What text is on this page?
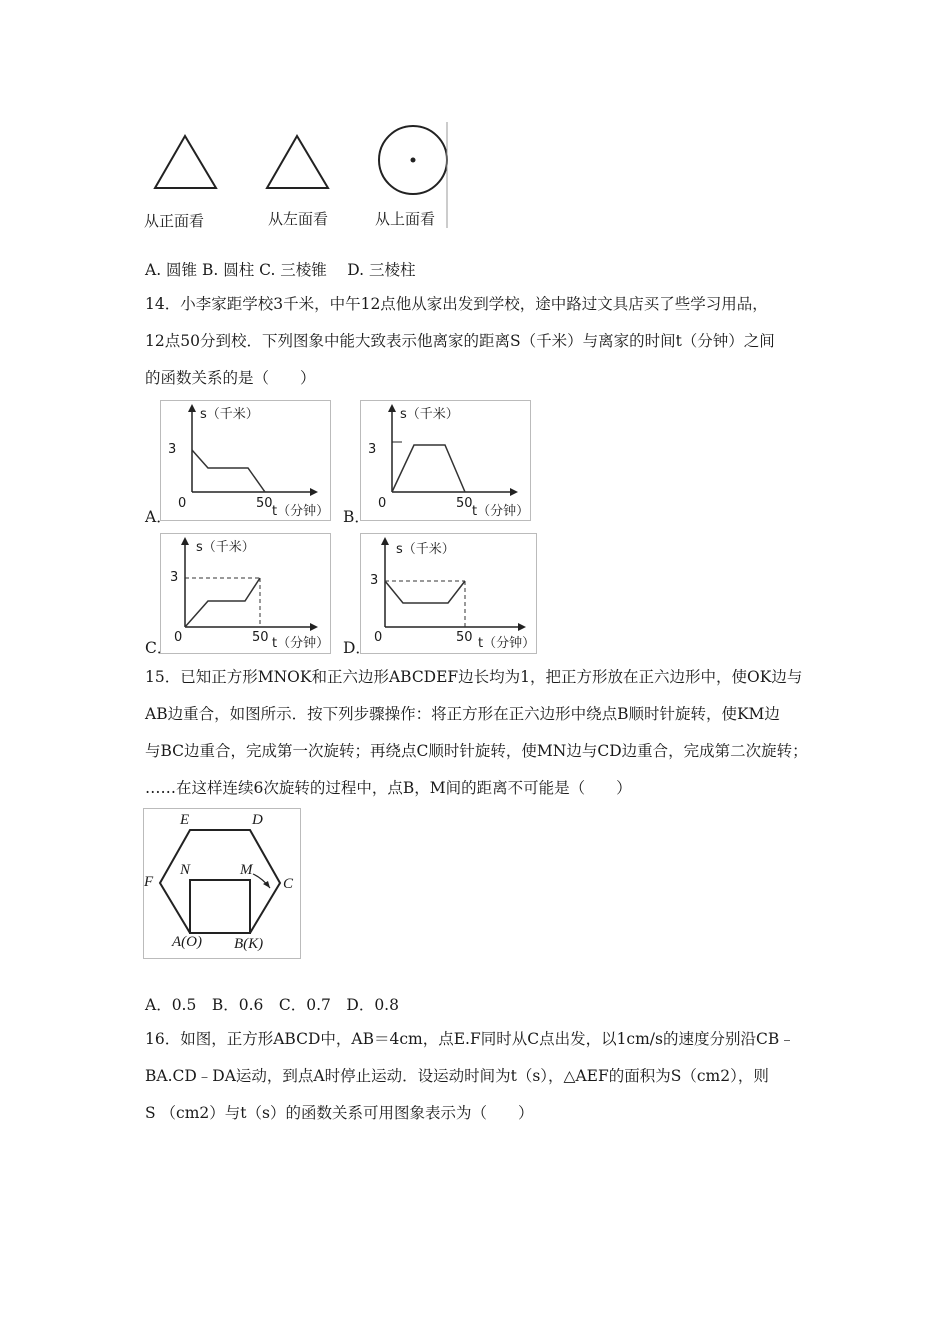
从正面看	从左面看	从上面看
A. 圆锥 B. 圆柱 C. 三棱锥　 D. 三棱柱
14．小李家距学校3千米，中午12点他从家出发到学校，途中路过文具店买了些学习用品，
12点50分到校．下列图象中能大致表示他离家的距离S（千米）与离家的时间t（分钟）之间
的函数关系的是（　　）
A．
s（千米）
3
0	50
t（分钟） B．
s（千米）
3
0	50
t（分钟）
C．
s（千米）
3
0	50 t（分钟） D．
s（千米）
3
0	50 t（分钟）
15．已知正方形MNOK和正六边形ABCDEF边长均为1，把正方形放在正六边形中，使OK边与
AB边重合，如图所示．按下列步骤操作：将正方形在正六边形中绕点B顺时针旋转，使KM边
与BC边重合，完成第一次旋转；再绕点C顺时针旋转，使MN边与CD边重合，完成第二次旋转；
……在这样连续6次旋转的过程中，点B，M间的距离不可能是（　　）
E	D
F	C
N	M
A(O) B(K)
A．0.5　B．0.6　C．0.7　D．0.8
16．如图，正方形ABCD中，AB＝4cm，点E.F同时从C点出发，以1cm/s的速度分别沿CB﹣
BA.CD﹣DA运动，到点A时停止运动．设运动时间为t（s），△AEF的面积为S（cm2），则
S （cm2）与t（s）的函数关系可用图象表示为（　　）
